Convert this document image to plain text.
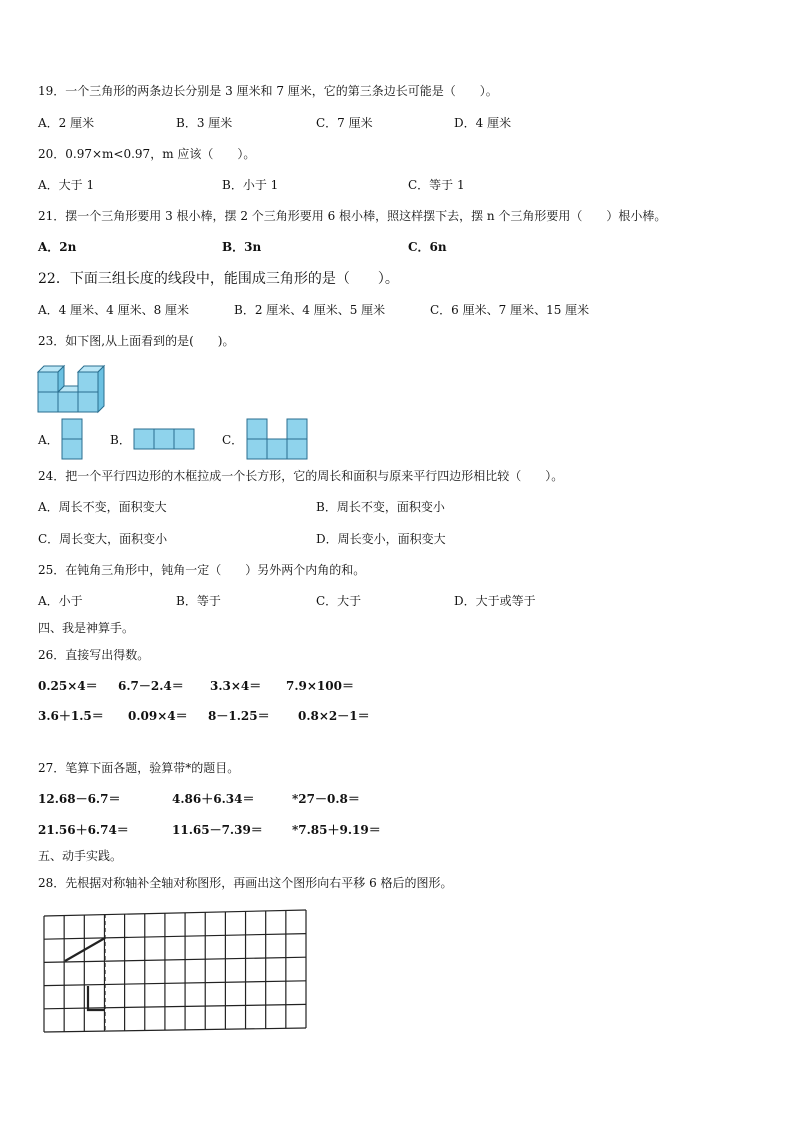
19．一个三角形的两条边长分别是 3 厘米和 7 厘米，它的第三条边长可能是（　　）。
A．2 厘米	B．3 厘米	C．7 厘米	D．4 厘米
20．0.97×m<0.97，m 应该（　　）。
A．大于 1	B．小于 1	C．等于 1
21．摆一个三角形要用 3 根小棒，摆 2 个三角形要用 6 根小棒，照这样摆下去，摆 n 个三角形要用（　　）根小棒。
A．2n	B．3n	C．6n
22．下面三组长度的线段中，能围成三角形的是（　　）。
A．4 厘米、4 厘米、8 厘米	B．2 厘米、4 厘米、5 厘米	C．6 厘米、7 厘米、15 厘米
23．如下图,从上面看到的是(　　)。
A．	B．	C．
24．把一个平行四边形的木框拉成一个长方形，它的周长和面积与原来平行四边形相比较（　　）。
A．周长不变，面积变大	B．周长不变，面积变小
C．周长变大，面积变小	D．周长变小，面积变大
25．在钝角三角形中，钝角一定（　　）另外两个内角的和。
A．小于	B．等于	C．大于	D．大于或等于
四、我是神算手。
26．直接写出得数。
0.25×4＝ 6.7－2.4＝ 3.3×4＝ 7.9×100＝
3.6＋1.5＝ 0.09×4＝ 8－1.25＝ 0.8×2－1＝
27．笔算下面各题，验算带*的题目。
12.68－6.7＝	4.86＋6.34＝	*27－0.8＝
21.56＋6.74＝	11.65－7.39＝ *7.85＋9.19＝
五、动手实践。
28．先根据对称轴补全轴对称图形，再画出这个图形向右平移 6 格后的图形。
